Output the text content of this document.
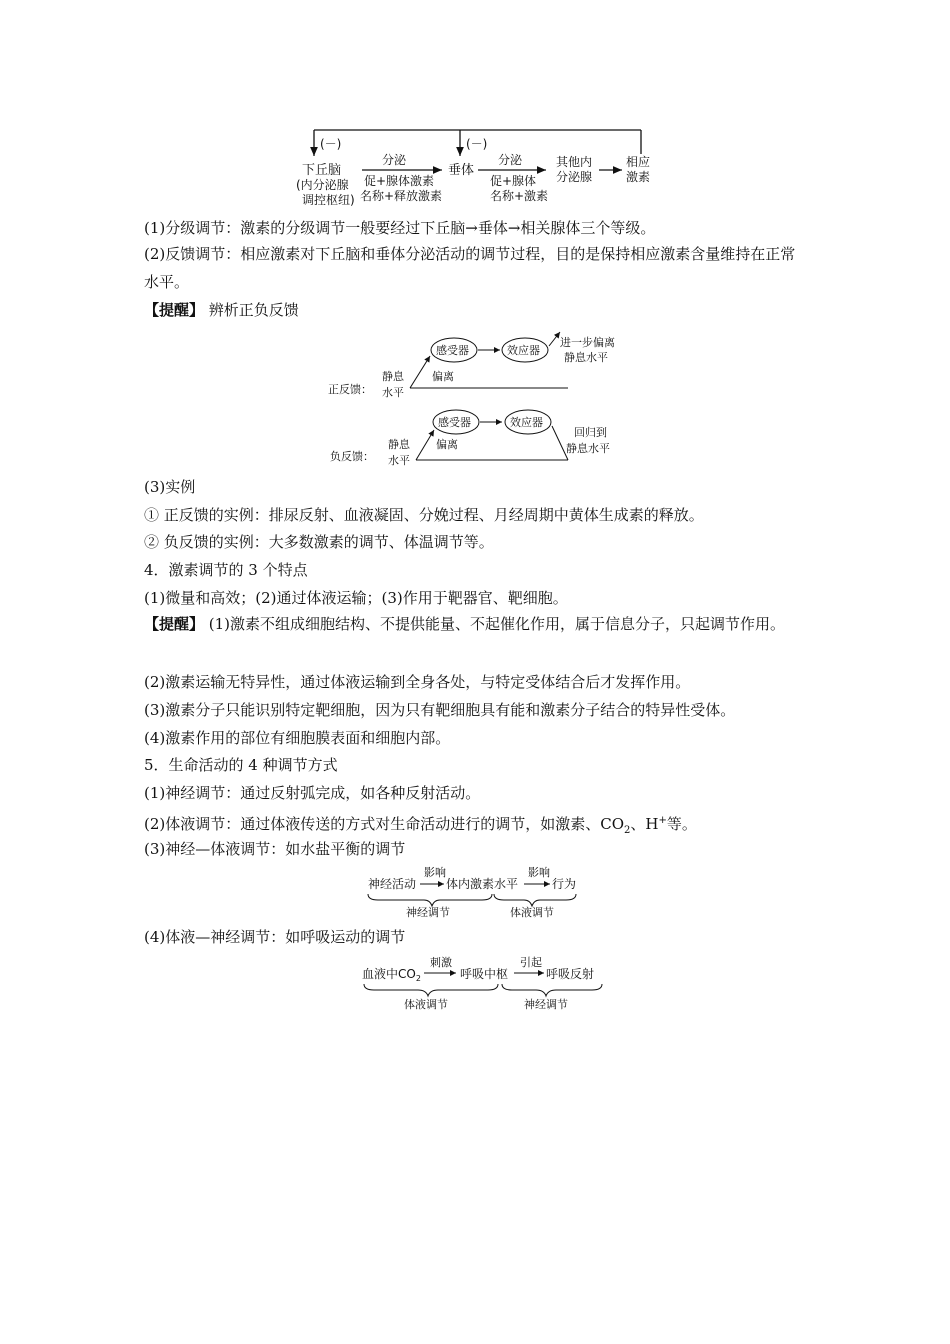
(－)	(－)
下丘脑
(内分泌腺
调控枢纽)
分泌
促+腺体激素
名称+释放激素
垂体
分泌
促+腺体
名称+激素
其他内
分泌腺
相应
激素
(1)分级调节：激素的分级调节一般要经过下丘脑→垂体→相关腺体三个等级。
(2)反馈调节：相应激素对下丘脑和垂体分泌活动的调节过程，目的是保持相应激素含量维持在正常水平。
【提醒】 辨析正负反馈
正反馈：
静息
水平
偏离
感受器	效应器
进一步偏离
静息水平
负反馈：
静息
水平
偏离
感受器	效应器
回归到
静息水平
(3)实例
① 正反馈的实例：排尿反射、血液凝固、分娩过程、月经周期中黄体生成素的释放。
② 负反馈的实例：大多数激素的调节、体温调节等。
4．激素调节的 3 个特点
(1)微量和高效；(2)通过体液运输；(3)作用于靶器官、靶细胞。
【提醒】 (1)激素不组成细胞结构、不提供能量、不起催化作用，属于信息分子，只起调节作用。
(2)激素运输无特异性，通过体液运输到全身各处，与特定受体结合后才发挥作用。
(3)激素分子只能识别特定靶细胞，因为只有靶细胞具有能和激素分子结合的特异性受体。
(4)激素作用的部位有细胞膜表面和细胞内部。
5．生命活动的 4 种调节方式
(1)神经调节：通过反射弧完成，如各种反射活动。
(2)体液调节：通过体液传送的方式对生命活动进行的调节，如激素、$CO_2$、H+等。
(3)神经—体液调节：如水盐平衡的调节
神经活动
影响
体内激素水平
影响
行为
神经调节	体液调节
(4)体液—神经调节：如呼吸运动的调节
血液中$CO_2$
刺激
呼吸中枢
引起
呼吸反射
体液调节	神经调节
